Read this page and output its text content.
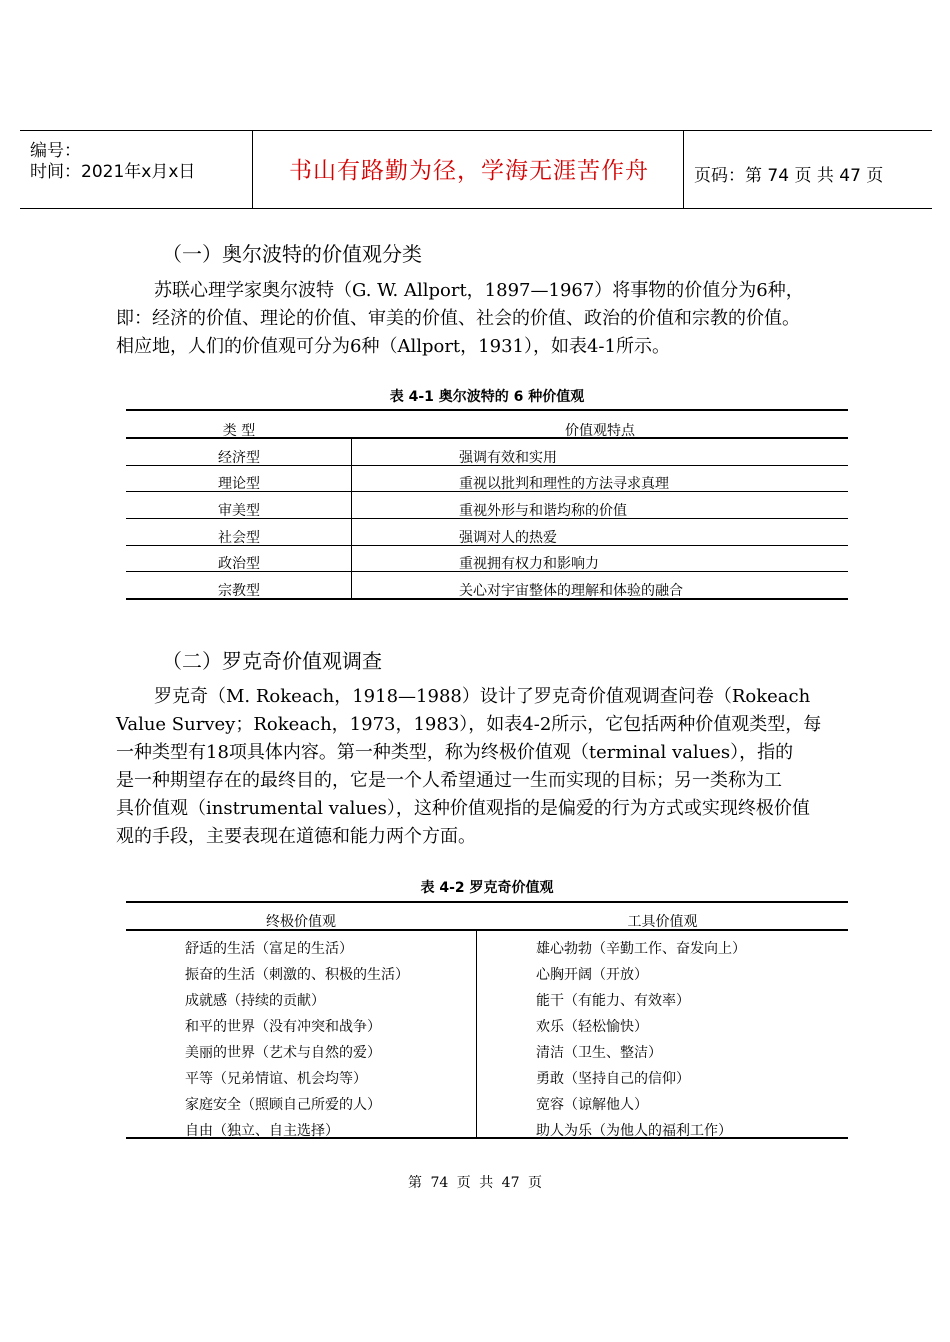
编号：
时间：2021年x月x日	书山有路勤为径，学海无涯苦作舟	页码：第 74 页 共 47 页
（一）奥尔波特的价值观分类

苏联心理学家奥尔波特（G. W. Allport，1897—1967）将事物的价值分为6种，

即：经济的价值、理论的价值、审美的价值、社会的价值、政治的价值和宗教的价值。

相应地，人们的价值观可分为6种（Allport，1931），如表4-1所示。

表 4-1 奥尔波特的 6 种价值观
类 型	价值观特点
经济型	强调有效和实用
理论型	重视以批判和理性的方法寻求真理
审美型	重视外形与和谐均称的价值
社会型	强调对人的热爱
政治型	重视拥有权力和影响力
宗教型	关心对宇宙整体的理解和体验的融合
（二）罗克奇价值观调查

罗克奇（M. Rokeach，1918—1988）设计了罗克奇价值观调查问卷（Rokeach

Value Survey；Rokeach，1973，1983），如表4-2所示，它包括两种价值观类型，每

一种类型有18项具体内容。第一种类型，称为终极价值观（terminal values），指的

是一种期望存在的最终目的，它是一个人希望通过一生而实现的目标；另一类称为工

具价值观（instrumental values），这种价值观指的是偏爱的行为方式或实现终极价值

观的手段，主要表现在道德和能力两个方面。

表 4-2 罗克奇价值观
终极价值观	工具价值观
舒适的生活（富足的生活）	雄心勃勃（辛勤工作、奋发向上）
振奋的生活（刺激的、积极的生活）	心胸开阔（开放）
成就感（持续的贡献）	能干（有能力、有效率）
和平的世界（没有冲突和战争）	欢乐（轻松愉快）
美丽的世界（艺术与自然的爱）	清洁（卫生、整洁）
平等（兄弟情谊、机会均等）	勇敢（坚持自己的信仰）
家庭安全（照顾自己所爱的人）	宽容（谅解他人）
自由（独立、自主选择）	助人为乐（为他人的福利工作）
第 74 页 共 47 页
